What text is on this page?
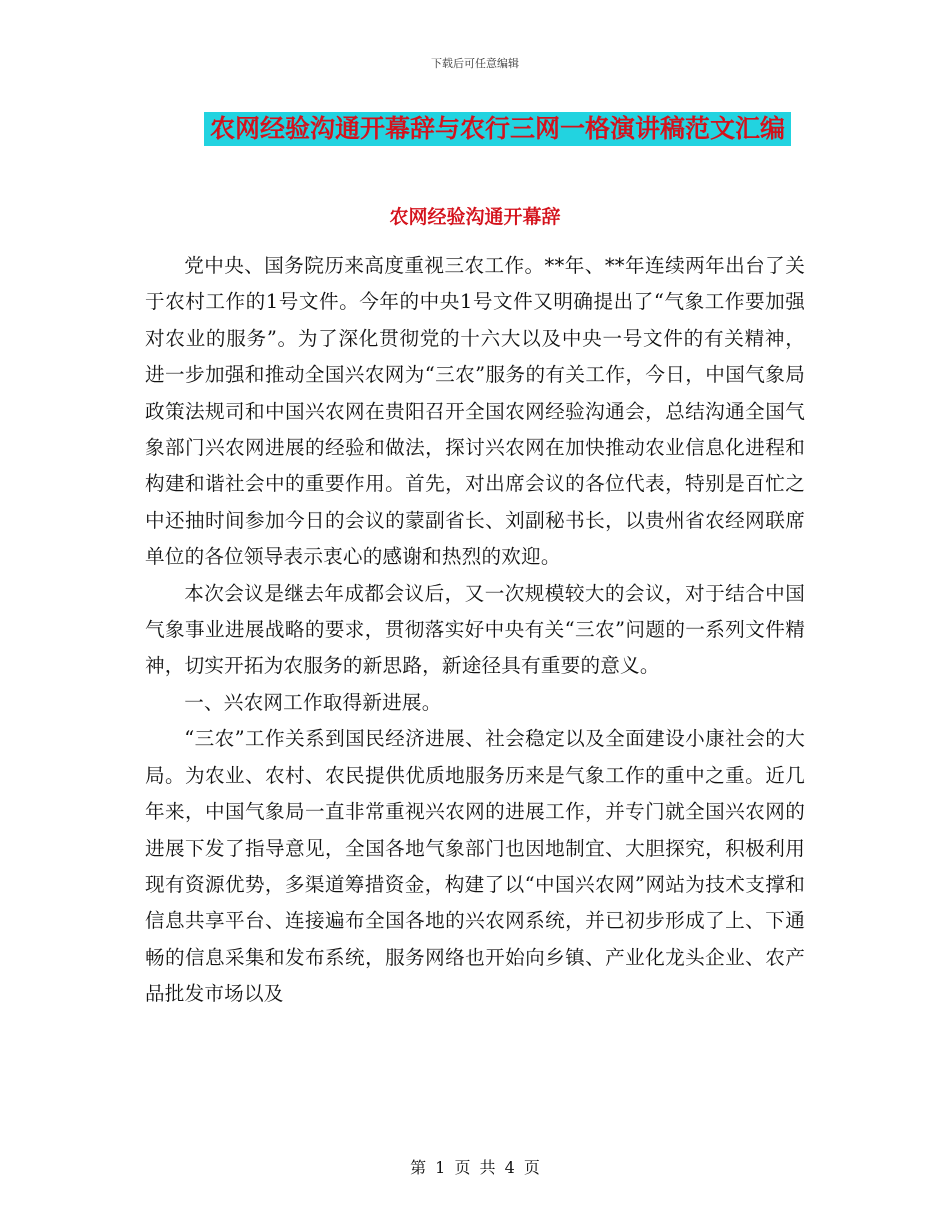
下载后可任意编辑
农网经验沟通开幕辞与农行三网一格演讲稿范文汇编
农网经验沟通开幕辞

党中央、国务院历来高度重视三农工作。**年、**年连续两年出台了关于农村工作的1号文件。今年的中央1号文件又明确提出了“气象工作要加强对农业的服务”。为了深化贯彻党的十六大以及中央一号文件的有关精神，进一步加强和推动全国兴农网为“三农”服务的有关工作，今日，中国气象局政策法规司和中国兴农网在贵阳召开全国农网经验沟通会，总结沟通全国气象部门兴农网进展的经验和做法，探讨兴农网在加快推动农业信息化进程和构建和谐社会中的重要作用。首先，对出席会议的各位代表，特别是百忙之中还抽时间参加今日的会议的蒙副省长、刘副秘书长，以贵州省农经网联席单位的各位领导表示衷心的感谢和热烈的欢迎。

本次会议是继去年成都会议后，又一次规模较大的会议，对于结合中国气象事业进展战略的要求，贯彻落实好中央有关“三农”问题的一系列文件精神，切实开拓为农服务的新思路，新途径具有重要的意义。

一、兴农网工作取得新进展。

“三农”工作关系到国民经济进展、社会稳定以及全面建设小康社会的大局。为农业、农村、农民提供优质地服务历来是气象工作的重中之重。近几年来，中国气象局一直非常重视兴农网的进展工作，并专门就全国兴农网的进展下发了指导意见，全国各地气象部门也因地制宜、大胆探究，积极利用现有资源优势，多渠道筹措资金，构建了以“中国兴农网”网站为技术支撑和信息共享平台、连接遍布全国各地的兴农网系统，并已初步形成了上、下通畅的信息采集和发布系统，服务网络也开始向乡镇、产业化龙头企业、农产品批发市场以及

第 1 页 共 4 页
